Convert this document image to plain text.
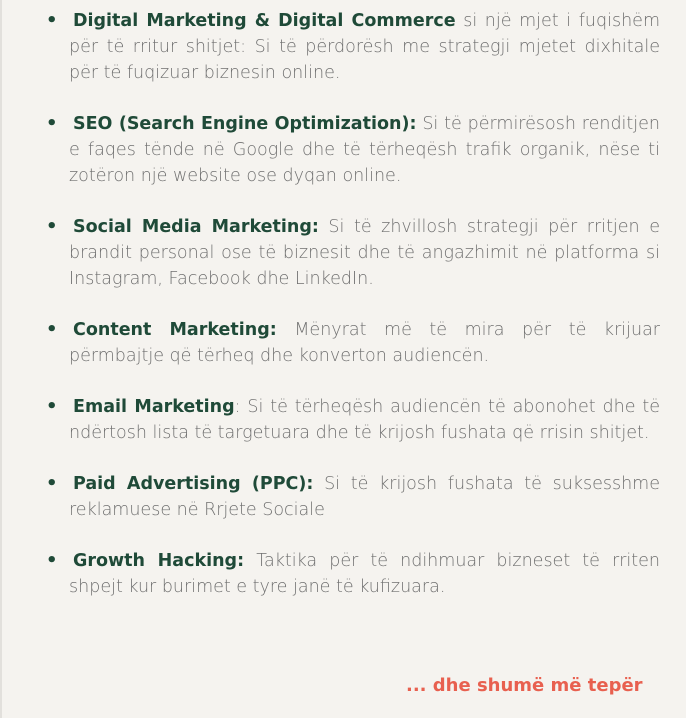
• Digital Marketing & Digital Commerce si një mjet i fuqishëm për të rritur shitjet: Si të përdorësh me strategji mjetet dixhitale për të fuqizuar biznesin online.
• SEO (Search Engine Optimization): Si të përmirësosh renditjen e faqes tënde në Google dhe të tërheqësh trafik organik, nëse ti zotëron një website ose dyqan online.
• Social Media Marketing: Si të zhvillosh strategji për rritjen e brandit personal ose të biznesit dhe të angazhimit në platforma si Instagram, Facebook dhe LinkedIn.
• Content Marketing: Mënyrat më të mira për të krijuar përmbajtje që tërheq dhe konverton audiencën.
• Email Marketing: Si të tërheqësh audiencën të abonohet dhe të ndërtosh lista të targetuara dhe të krijosh fushata që rrisin shitjet.
• Paid Advertising (PPC): Si të krijosh fushata të suksesshme reklamuese në Rrjete Sociale
• Growth Hacking: Taktika për të ndihmuar bizneset të rriten shpejt kur burimet e tyre janë të kufizuara.
... dhe shumë më tepër
